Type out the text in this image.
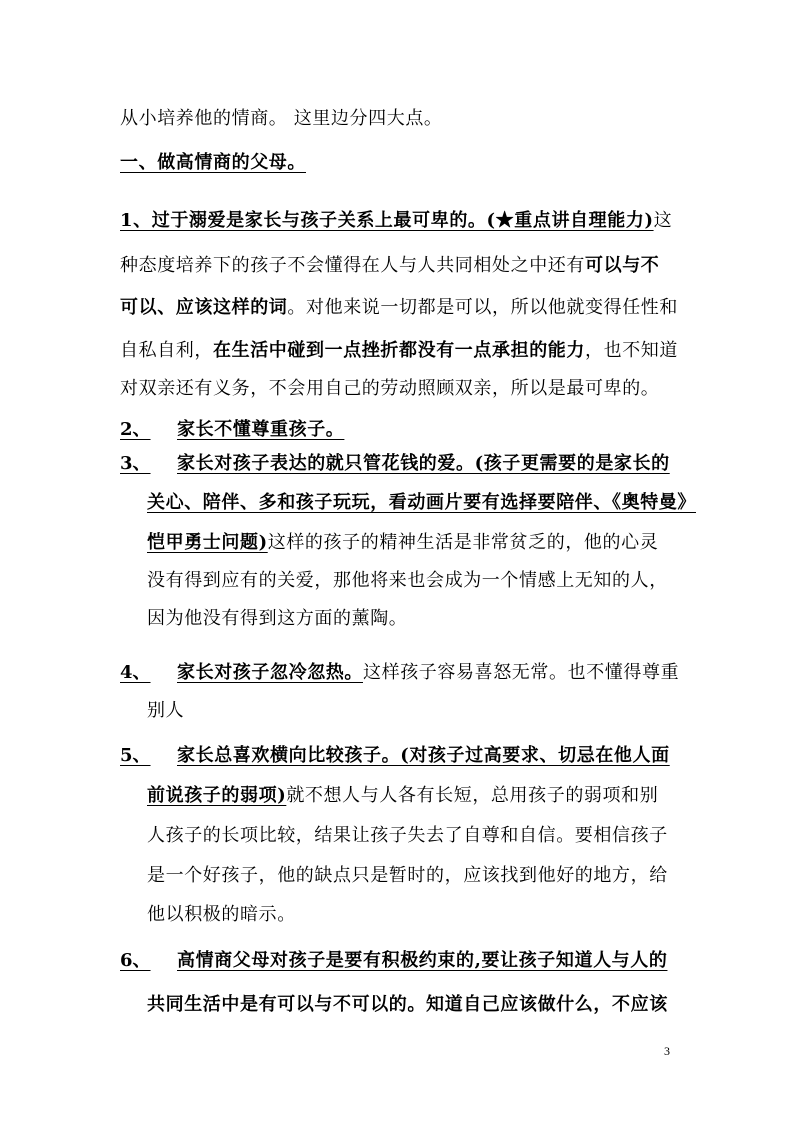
从小培养他的情商。 这里边分四大点。
一、做高情商的父母。
1、过于溺爱是家长与孩子关系上最可卑的。(★重点讲自理能力)这
种态度培养下的孩子不会懂得在人与人共同相处之中还有可以与不
可以、应该这样的词。对他来说一切都是可以，所以他就变得任性和
自私自利，在生活中碰到一点挫折都没有一点承担的能力，也不知道
对双亲还有义务，不会用自己的劳动照顾双亲，所以是最可卑的。
2、 家长不懂尊重孩子。
3、 家长对孩子表达的就只管花钱的爱。(孩子更需要的是家长的
关心、陪伴、多和孩子玩玩，看动画片要有选择要陪伴、《奥特曼》
恺甲勇士问题)这样的孩子的精神生活是非常贫乏的，他的心灵
没有得到应有的关爱，那他将来也会成为一个情感上无知的人，
因为他没有得到这方面的薰陶。
4、 家长对孩子忽冷忽热。这样孩子容易喜怒无常。也不懂得尊重
别人
5、 家长总喜欢横向比较孩子。(对孩子过高要求、切忌在他人面
前说孩子的弱项)就不想人与人各有长短，总用孩子的弱项和别
人孩子的长项比较，结果让孩子失去了自尊和自信。要相信孩子
是一个好孩子，他的缺点只是暂时的，应该找到他好的地方，给
他以积极的暗示。
6、 高情商父母对孩子是要有积极约束的,要让孩子知道人与人的
共同生活中是有可以与不可以的。知道自己应该做什么，不应该
3
